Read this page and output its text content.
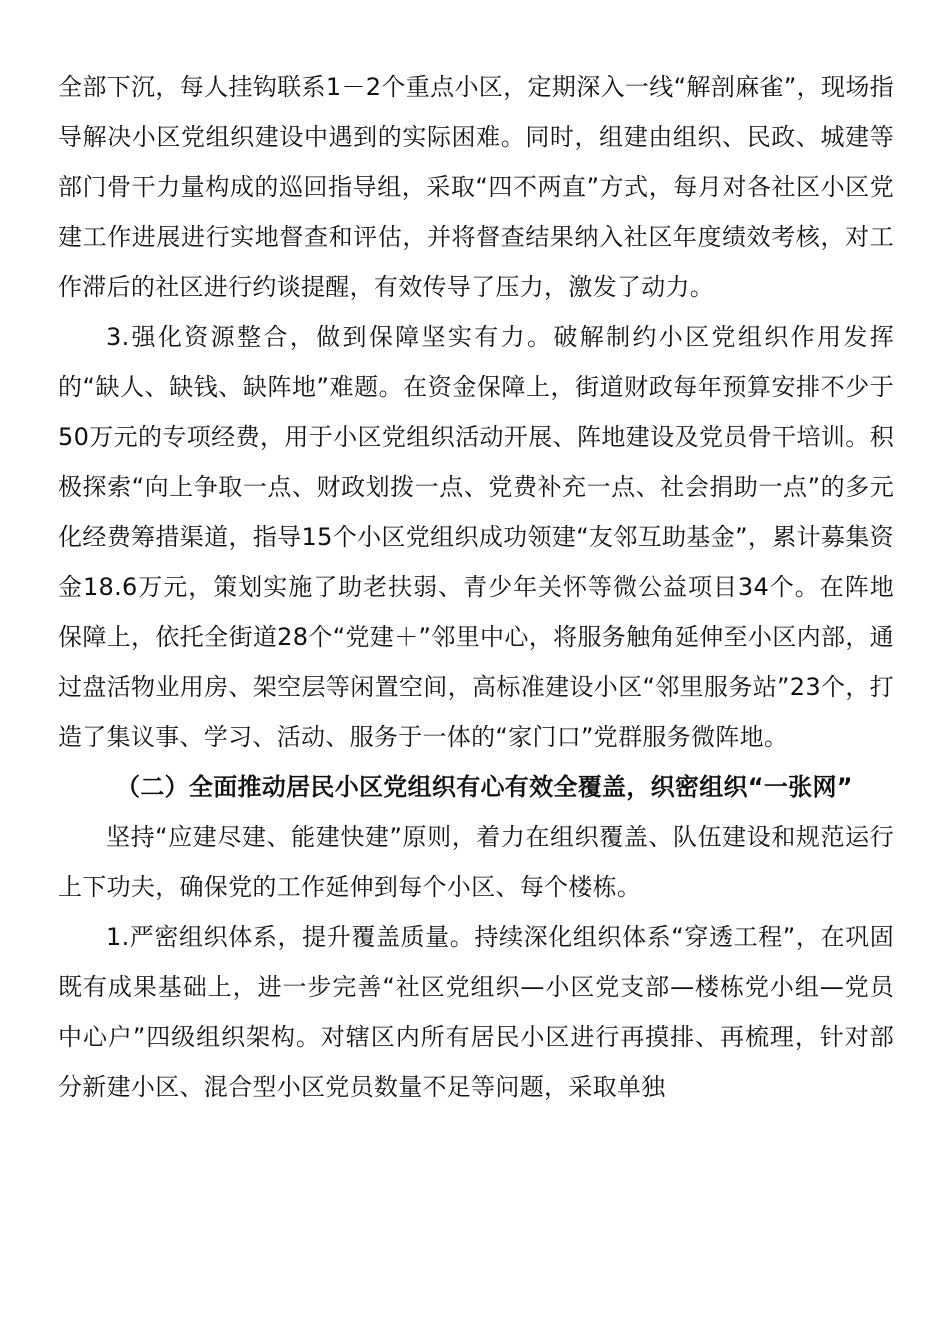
全部下沉，每人挂钩联系1－2个重点小区，定期深入一线“解剖麻雀”，现场指导解决小区党组织建设中遇到的实际困难。同时，组建由组织、民政、城建等部门骨干力量构成的巡回指导组，采取“四不两直”方式，每月对各社区小区党建工作进展进行实地督查和评估，并将督查结果纳入社区年度绩效考核，对工作滞后的社区进行约谈提醒，有效传导了压力，激发了动力。

3.强化资源整合，做到保障坚实有力。破解制约小区党组织作用发挥的“缺人、缺钱、缺阵地”难题。在资金保障上，街道财政每年预算安排不少于50万元的专项经费，用于小区党组织活动开展、阵地建设及党员骨干培训。积极探索“向上争取一点、财政划拨一点、党费补充一点、社会捐助一点”的多元化经费筹措渠道，指导15个小区党组织成功领建“友邻互助基金”，累计募集资金18.6万元，策划实施了助老扶弱、青少年关怀等微公益项目34个。在阵地保障上，依托全街道28个“党建＋”邻里中心，将服务触角延伸至小区内部，通过盘活物业用房、架空层等闲置空间，高标准建设小区“邻里服务站”23个，打造了集议事、学习、活动、服务于一体的“家门口”党群服务微阵地。

（二）全面推动居民小区党组织有心有效全覆盖，织密组织“一张网”

坚持“应建尽建、能建快建”原则，着力在组织覆盖、队伍建设和规范运行上下功夫，确保党的工作延伸到每个小区、每个楼栋。

1.严密组织体系，提升覆盖质量。持续深化组织体系“穿透工程”，在巩固既有成果基础上，进一步完善“社区党组织—小区党支部—楼栋党小组—党员中心户”四级组织架构。对辖区内所有居民小区进行再摸排、再梳理，针对部分新建小区、混合型小区党员数量不足等问题，采取单独
